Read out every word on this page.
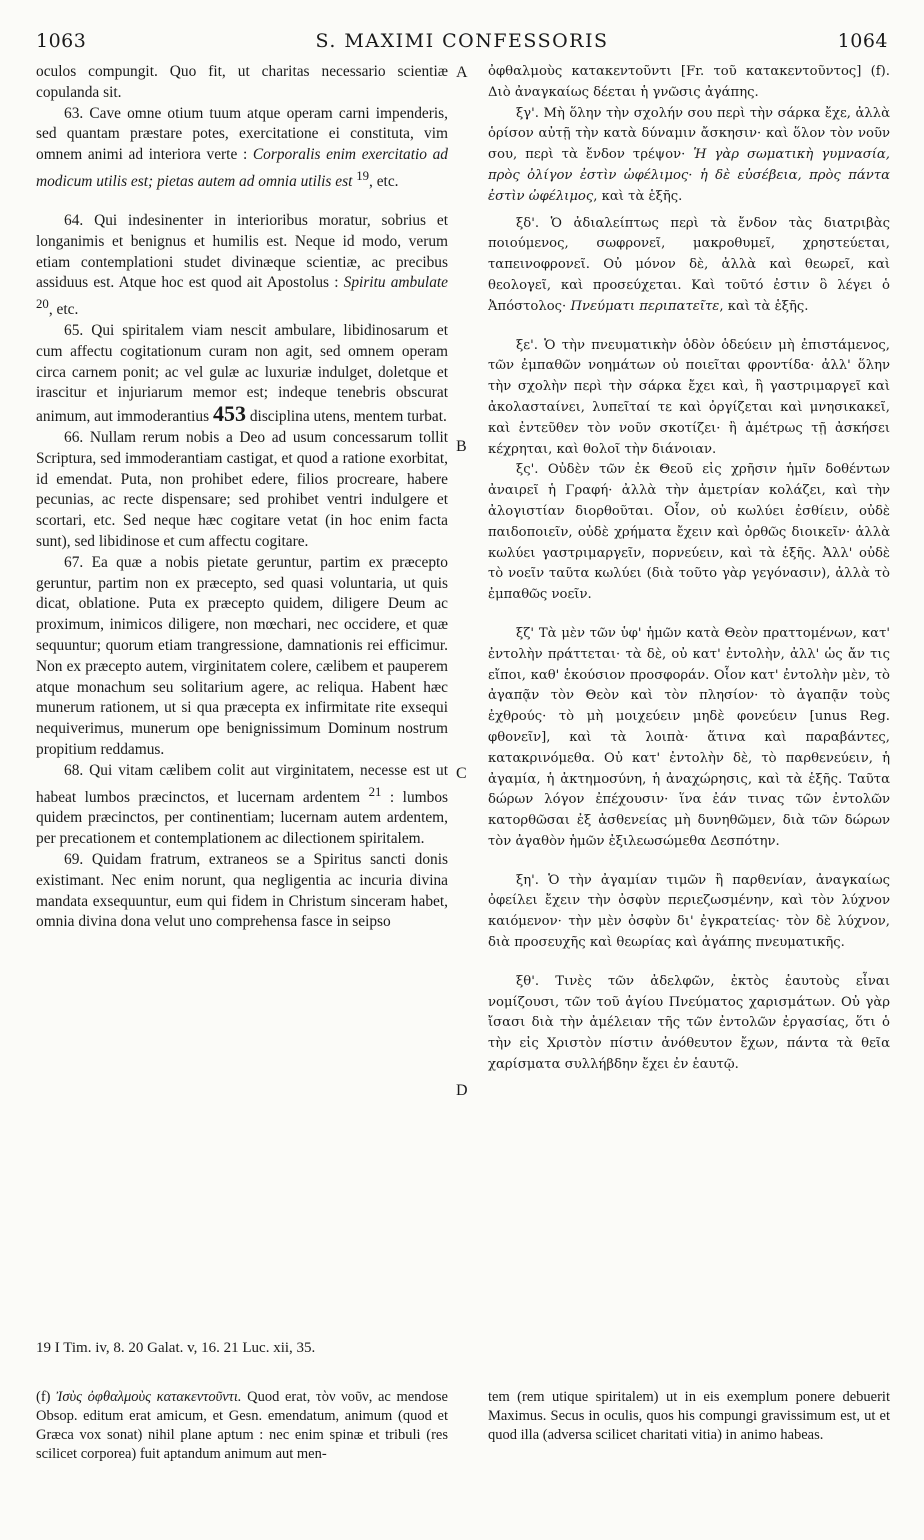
1063	S. MAXIMI CONFESSORIS	1064
A
B
C
D

oculos compungit. Quo fit, ut charitas necessario scientiæ copulanda sit.

63. Cave omne otium tuum atque operam carni impenderis, sed quantam præstare potes, exercitatione ei constituta, vim omnem animi ad interiora verte : Corporalis enim exercitatio ad modicum utilis est; pietas autem ad omnia utilis est $^{19}$, etc.

64. Qui indesinenter in interioribus moratur, sobrius et longanimis et benignus et humilis est. Neque id modo, verum etiam contemplationi studet divinæque scientiæ, ac precibus assiduus est. Atque hoc est quod ait Apostolus : Spiritu ambulate $^{20}$, etc.

65. Qui spiritalem viam nescit ambulare, libidinosarum et cum affectu cogitationum curam non agit, sed omnem operam circa carnem ponit; ac vel gulæ ac luxuriæ indulget, doletque et irascitur et injuriarum memor est; indeque tenebris obscurat animum, aut immoderantius 453 disciplina utens, mentem turbat.

66. Nullam rerum nobis a Deo ad usum concessarum tollit Scriptura, sed immoderantiam castigat, et quod a ratione exorbitat, id emendat. Puta, non prohibet edere, filios procreare, habere pecunias, ac recte dispensare; sed prohibet ventri indulgere et scortari, etc. Sed neque hæc cogitare vetat (in hoc enim facta sunt), sed libidinose et cum affectu cogitare.

67. Ea quæ a nobis pietate geruntur, partim ex præcepto geruntur, partim non ex præcepto, sed quasi voluntaria, ut quis dicat, oblatione. Puta ex præcepto quidem, diligere Deum ac proximum, inimicos diligere, non mœchari, nec occidere, et quæ sequuntur; quorum etiam trangressione, damnationis rei efficimur. Non ex præcepto autem, virginitatem colere, cælibem et pauperem atque monachum seu solitarium agere, ac reliqua. Habent hæc munerum rationem, ut si qua præcepta ex infirmitate rite exsequi nequiverimus, munerum ope benignissimum Dominum nostrum propitium reddamus.

68. Qui vitam cælibem colit aut virginitatem, necesse est ut habeat lumbos præcinctos, et lucernam ardentem $^{21}$ : lumbos quidem præcinctos, per continentiam; lucernam autem ardentem, per precationem et contemplationem ac dilectionem spiritalem.

69. Quidam fratrum, extraneos se a Spiritus sancti donis existimant. Nec enim norunt, qua negligentia ac incuria divina mandata exsequuntur, eum qui fidem in Christum sinceram habet, omnia divina dona velut uno comprehensa fasce in seipso

ὀφθαλμοὺς κατακεντοῦντι [Fr. τοῦ κατακεντοῦντος] (f). Διὸ ἀναγκαίως δέεται ἡ γνῶσις ἀγάπης.

ξγ'. Μὴ ὅλην τὴν σχολήν σου περὶ τὴν σάρκα ἔχε, ἀλλὰ ὁρίσον αὐτῇ τὴν κατὰ δύναμιν ἄσκησιν· καὶ ὅλον τὸν νοῦν σου, περὶ τὰ ἔνδον τρέψον· Ἡ γὰρ σωματικὴ γυμνασία, πρὸς ὀλίγον ἐστὶν ὠφέλιμος· ἡ δὲ εὐσέβεια, πρὸς πάντα ἐστὶν ὠφέλιμος, καὶ τὰ ἑξῆς.

ξδ'. Ὁ ἀδιαλείπτως περὶ τὰ ἔνδον τὰς διατριβὰς ποιούμενος, σωφρονεῖ, μακροθυμεῖ, χρηστεύεται, ταπεινοφρονεῖ. Οὐ μόνον δὲ, ἀλλὰ καὶ θεωρεῖ, καὶ θεολογεῖ, καὶ προσεύχεται. Καὶ τοῦτό ἐστιν ὃ λέγει ὁ Ἀπόστολος· Πνεύματι περιπατεῖτε, καὶ τὰ ἑξῆς.

ξε'. Ὁ τὴν πνευματικὴν ὁδὸν ὁδεύειν μὴ ἐπιστάμενος, τῶν ἐμπαθῶν νοημάτων οὐ ποιεῖται φροντίδα· ἀλλ' ὅλην τὴν σχολὴν περὶ τὴν σάρκα ἔχει καὶ, ἢ γαστριμαργεῖ καὶ ἀκολασταίνει, λυπεῖταί τε καὶ ὀργίζεται καὶ μνησικακεῖ, καὶ ἐντεῦθεν τὸν νοῦν σκοτίζει· ἢ ἀμέτρως τῇ ἀσκήσει κέχρηται, καὶ θολοῖ τὴν διάνοιαν.

ξς'. Οὐδὲν τῶν ἐκ Θεοῦ εἰς χρῆσιν ἡμῖν δοθέντων ἀναιρεῖ ἡ Γραφή· ἀλλὰ τὴν ἀμετρίαν κολάζει, καὶ τὴν ἀλογιστίαν διορθοῦται. Οἷον, οὐ κωλύει ἐσθίειν, οὐδὲ παιδοποιεῖν, οὐδὲ χρήματα ἔχειν καὶ ὀρθῶς διοικεῖν· ἀλλὰ κωλύει γαστριμαργεῖν, πορνεύειν, καὶ τὰ ἑξῆς. Ἀλλ' οὐδὲ τὸ νοεῖν ταῦτα κωλύει (διὰ τοῦτο γὰρ γεγόνασιν), ἀλλὰ τὸ ἐμπαθῶς νοεῖν.

ξζ' Τὰ μὲν τῶν ὑφ' ἡμῶν κατὰ Θεὸν πραττομένων, κατ' ἐντολὴν πράττεται· τὰ δὲ, οὐ κατ' ἐντολὴν, ἀλλ' ὡς ἄν τις εἴποι, καθ' ἑκούσιον προσφοράν. Οἷον κατ' ἐντολὴν μὲν, τὸ ἀγαπᾷν τὸν Θεὸν καὶ τὸν πλησίον· τὸ ἀγαπᾷν τοὺς ἐχθρούς· τὸ μὴ μοιχεύειν μηδὲ φονεύειν [unus Reg. φθονεῖν], καὶ τὰ λοιπὰ· ἅτινα καὶ παραβάντες, κατακρινόμεθα. Οὐ κατ' ἐντολὴν δὲ, τὸ παρθενεύειν, ἡ ἀγαμία, ἡ ἀκτημοσύνη, ἡ ἀναχώρησις, καὶ τὰ ἑξῆς. Ταῦτα δώρων λόγον ἐπέχουσιν· ἵνα ἐάν τινας τῶν ἐντολῶν κατορθῶσαι ἐξ ἀσθενείας μὴ δυνηθῶμεν, διὰ τῶν δώρων τὸν ἀγαθὸν ἡμῶν ἐξιλεωσώμεθα Δεσπότην.

ξη'. Ὁ τὴν ἀγαμίαν τιμῶν ἢ παρθενίαν, ἀναγκαίως ὀφείλει ἔχειν τὴν ὀσφὺν περιεζωσμένην, καὶ τὸν λύχνον καιόμενον· τὴν μὲν ὀσφὺν δι' ἐγκρατείας· τὸν δὲ λύχνον, διὰ προσευχῆς καὶ θεωρίας καὶ ἀγάπης πνευματικῆς.

ξθ'. Τινὲς τῶν ἀδελφῶν, ἐκτὸς ἑαυτοὺς εἶναι νομίζουσι, τῶν τοῦ ἁγίου Πνεύματος χαρισμάτων. Οὐ γὰρ ἴσασι διὰ τὴν ἀμέλειαν τῆς τῶν ἐντολῶν ἐργασίας, ὅτι ὁ τὴν εἰς Χριστὸν πίστιν ἀνόθευτον ἔχων, πάντα τὰ θεῖα χαρίσματα συλλήβδην ἔχει ἐν ἑαυτῷ.

19 I Tim. iv, 8. 20 Galat. v, 16. 21 Luc. xii, 35.
(f) Ἰσὺς ὀφθαλμοὺς κατακεντοῦντι. Quod erat, τὸν νοῦν, ac mendose Obsop. editum erat amicum, et Gesn. emendatum, animum (quod et Græca vox sonat) nihil plane aptum : nec enim spinæ et tribuli (res scilicet corporea) fuit aptandum animum aut men-
tem (rem utique spiritalem) ut in eis exemplum ponere debuerit Maximus. Secus in oculis, quos his compungi gravissimum est, ut et quod illa (adversa scilicet charitati vitia) in animo habeas.
